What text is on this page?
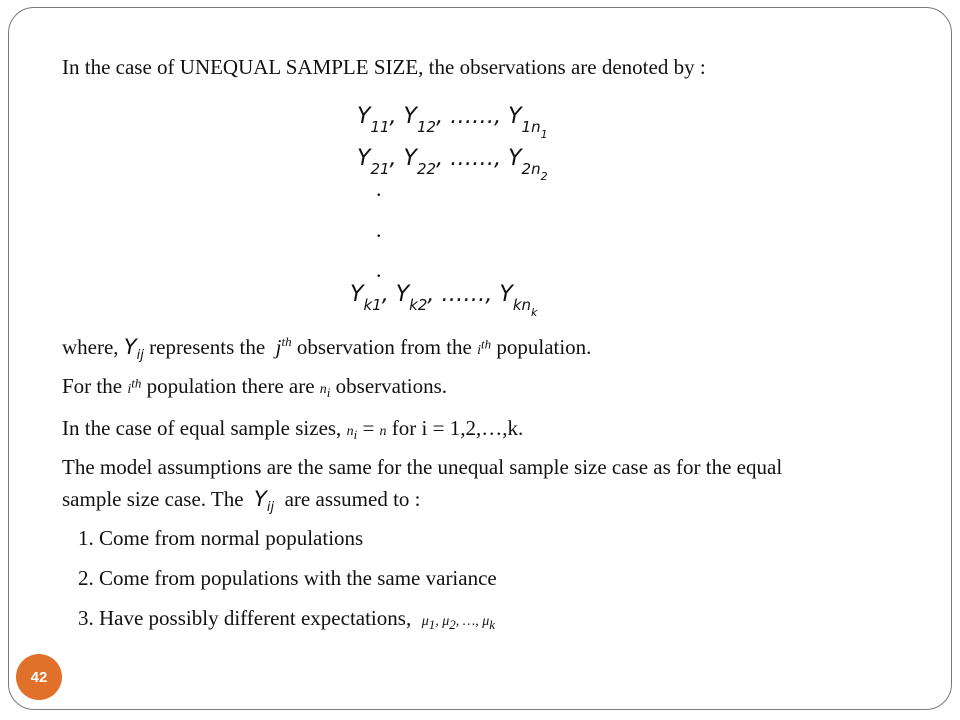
In the case of UNEQUAL SAMPLE SIZE, the observations are denoted by :
$Y_{11}$, $Y_{12}$, ……, $Y_{1n_1}$
$Y_{21}$, $Y_{22}$, ……, $Y_{2n_2}$
.
.
.
$Y_{k1}$, $Y_{k2}$, ……, $Y_{kn_k}$
where, $Y_{ij}$ represents the $j^{th}$ observation from the $i^{th}$ population.
For the $i^{th}$ population there are $n_i$ observations.
In the case of equal sample sizes, $n_i = n$ for i = 1,2,…,k.
The model assumptions are the same for the unequal sample size case as for the equal
sample size case. The $Y_{ij}$ are assumed to :
1. Come from normal populations
2. Come from populations with the same variance
3. Have possibly different expectations, $\mu_1$, $\mu_2$, …, $\mu_k$
42
